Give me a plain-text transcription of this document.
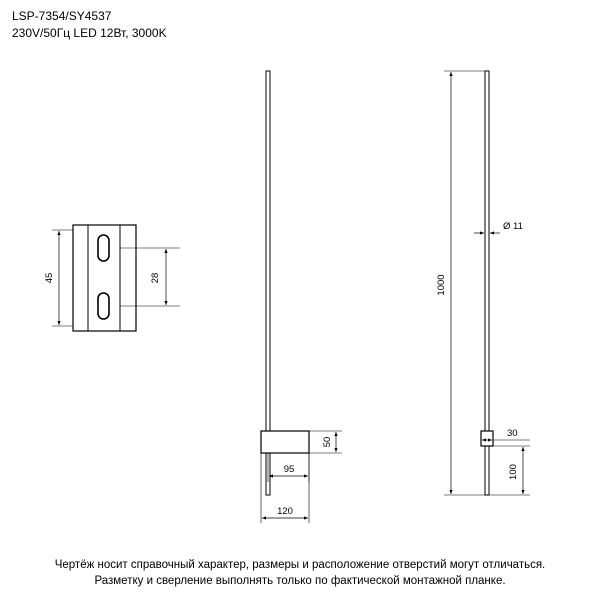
LSP-7354/SY4537
230V/50Гц LED 12Вт, 3000K
45	28
50
95
120
1000
Ø 11
30
100
Чертёж носит справочный характер, размеры и расположение отверстий могут отличаться.
Разметку и сверление выполнять только по фактической монтажной планке.
